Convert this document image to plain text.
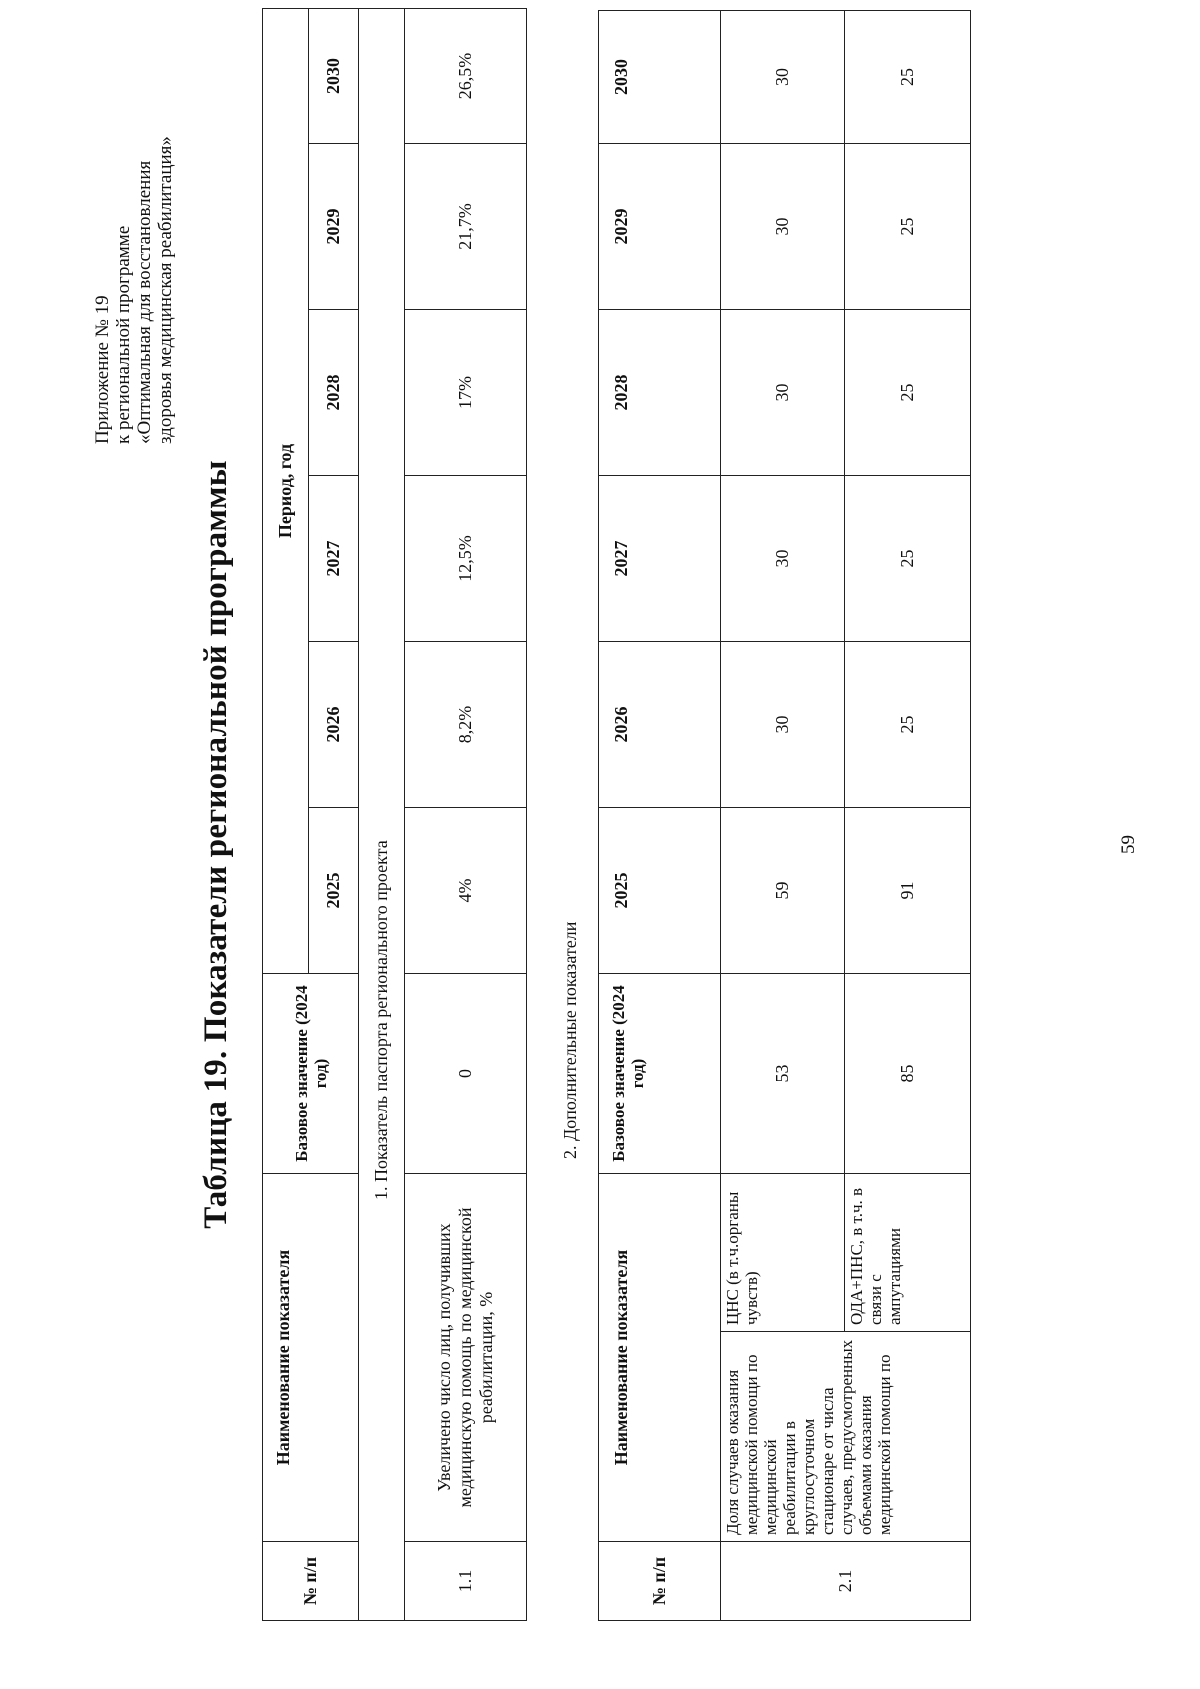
Приложение № 19 к региональной программе «Оптимальная для восстановления здоровья медицинская реабилитация»
Таблица 19. Показатели региональной программы
№ п/п	Наименование показателя	Базовое значение (2024 год)	Период, год					
			2025	2026	2027	2028	2029	2030
1. Показатель паспорта регионального проекта								
1.1	Увеличено число лиц, получивших медицинскую помощь по медицинской реабилитации, %	0	4%	8,2%	12,5%	17%	21,7%	26,5%
2. Дополнительные показатели
№ п/п	Наименование показателя		Базовое значение (2024 год)	2025	2026	2027	2028	2029	2030
2.1	Доля случаев оказания медицинской помощи по медицинской реабилитации в круглосуточном стационаре от числа случаев, предусмотренных объемами оказания медицинской помощи по	ЦНС (в т.ч.органы чувств)	53	59	30	30	30	30	30
		ОДА+ПНС, в т.ч. в связи с ампутациями	85	91	25	25	25	25	25
59
